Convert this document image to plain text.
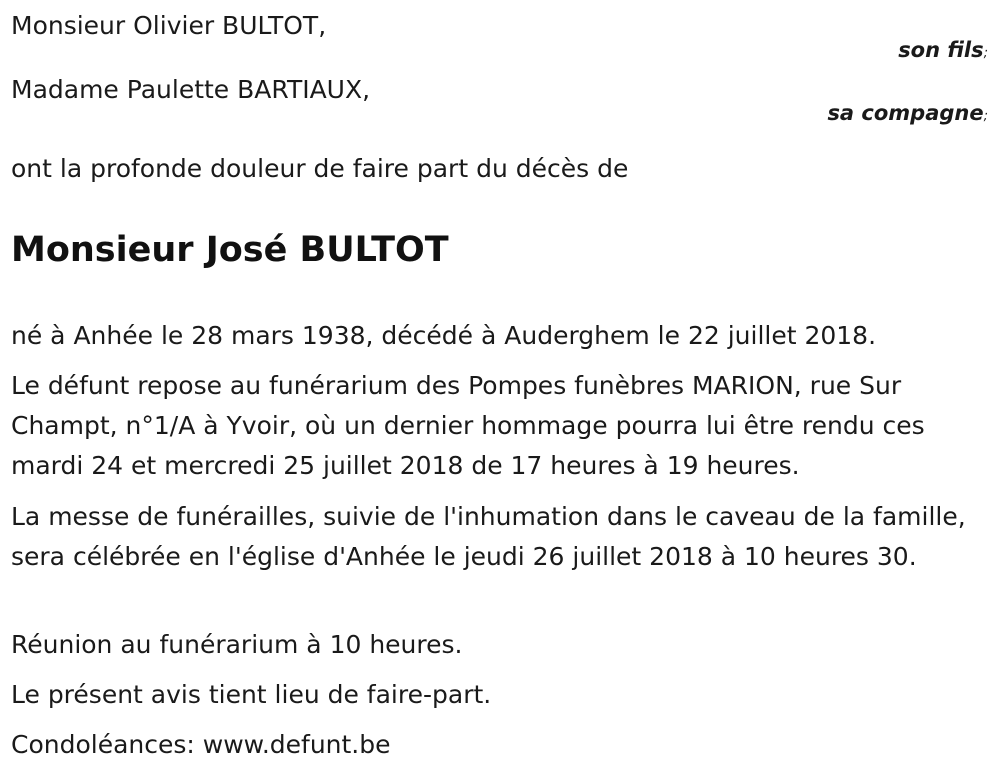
Monsieur Olivier BULTOT,
son fils;
Madame Paulette BARTIAUX,
sa compagne;
ont la profonde douleur de faire part du décès de
Monsieur José BULTOT
né à Anhée le 28 mars 1938, décédé à Auderghem le 22 juillet 2018.
Le défunt repose au funérarium des Pompes funèbres MARION, rue Sur Champt, n°1/A à Yvoir, où un dernier hommage pourra lui être rendu ces mardi 24 et mercredi 25 juillet 2018 de 17 heures à 19 heures.
La messe de funérailles, suivie de l'inhumation dans le caveau de la famille, sera célébrée en l'église d'Anhée le jeudi 26 juillet 2018 à 10 heures 30.
Réunion au funérarium à 10 heures.
Le présent avis tient lieu de faire-part.
Condoléances: www.defunt.be
